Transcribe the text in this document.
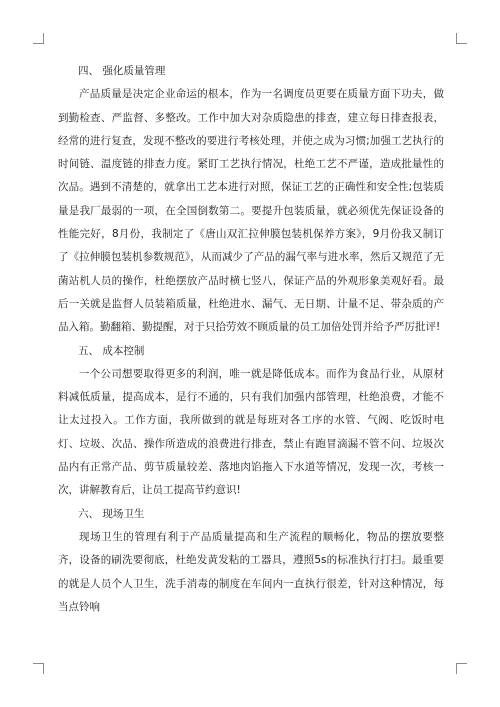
四、 强化质量管理

产品质量是决定企业命运的根本，作为一名调度员更要在质量方面下功夫，做到勤检查、严监督、多整改。工作中加大对杂质隐患的排查，建立每日排查报表，经常的进行复查，发现不整改的要进行考核处理，并使之成为习惯;加强工艺执行的时间链、温度链的排查力度。紧盯工艺执行情况，杜绝工艺不严谨，造成批量性的次品。遇到不清楚的，就拿出工艺本进行对照，保证工艺的正确性和安全性;包装质量是我厂最弱的一项，在全国倒数第二。要提升包装质量，就必须优先保证设备的性能完好，8月份，我制定了《唐山双汇拉伸膜包装机保养方案》，9月份我又制订了《拉伸膜包装机参数规范》，从而减少了产品的漏气率与进水率，然后又规范了无菌站机人员的操作，杜绝摆放产品时横七竖八，保证产品的外观形象美观好看。最后一关就是监督人员装箱质量，杜绝进水、漏气、无日期、计量不足、带杂质的产品入箱。勤翻箱、勤提醒，对于只拾劳效不顾质量的员工加倍处罚并给予严厉批评!

五、 成本控制

一个公司想要取得更多的利润，唯一就是降低成本。而作为食品行业，从原材料减低质量，提高成本，是行不通的，只有我们加强内部管理，杜绝浪费，才能不让太过投入。工作方面，我所做到的就是每班对各工序的水管、气阀、吃饭时电灯、垃圾、次品、操作所造成的浪费进行排查，禁止有跑冒滴漏不管不问、垃圾次品内有正常产品、剪节质量较差、落地肉馅拖入下水道等情况，发现一次，考核一次，讲解教育后，让员工提高节约意识!

六、 现场卫生

现场卫生的管理有利于产品质量提高和生产流程的顺畅化，物品的摆放要整齐，设备的刷洗要彻底，杜绝发黄发粘的工器具，遵照5s的标准执行打扫。最重要的就是人员个人卫生，洗手消毒的制度在车间内一直执行很差，针对这种情况，每当点铃响
